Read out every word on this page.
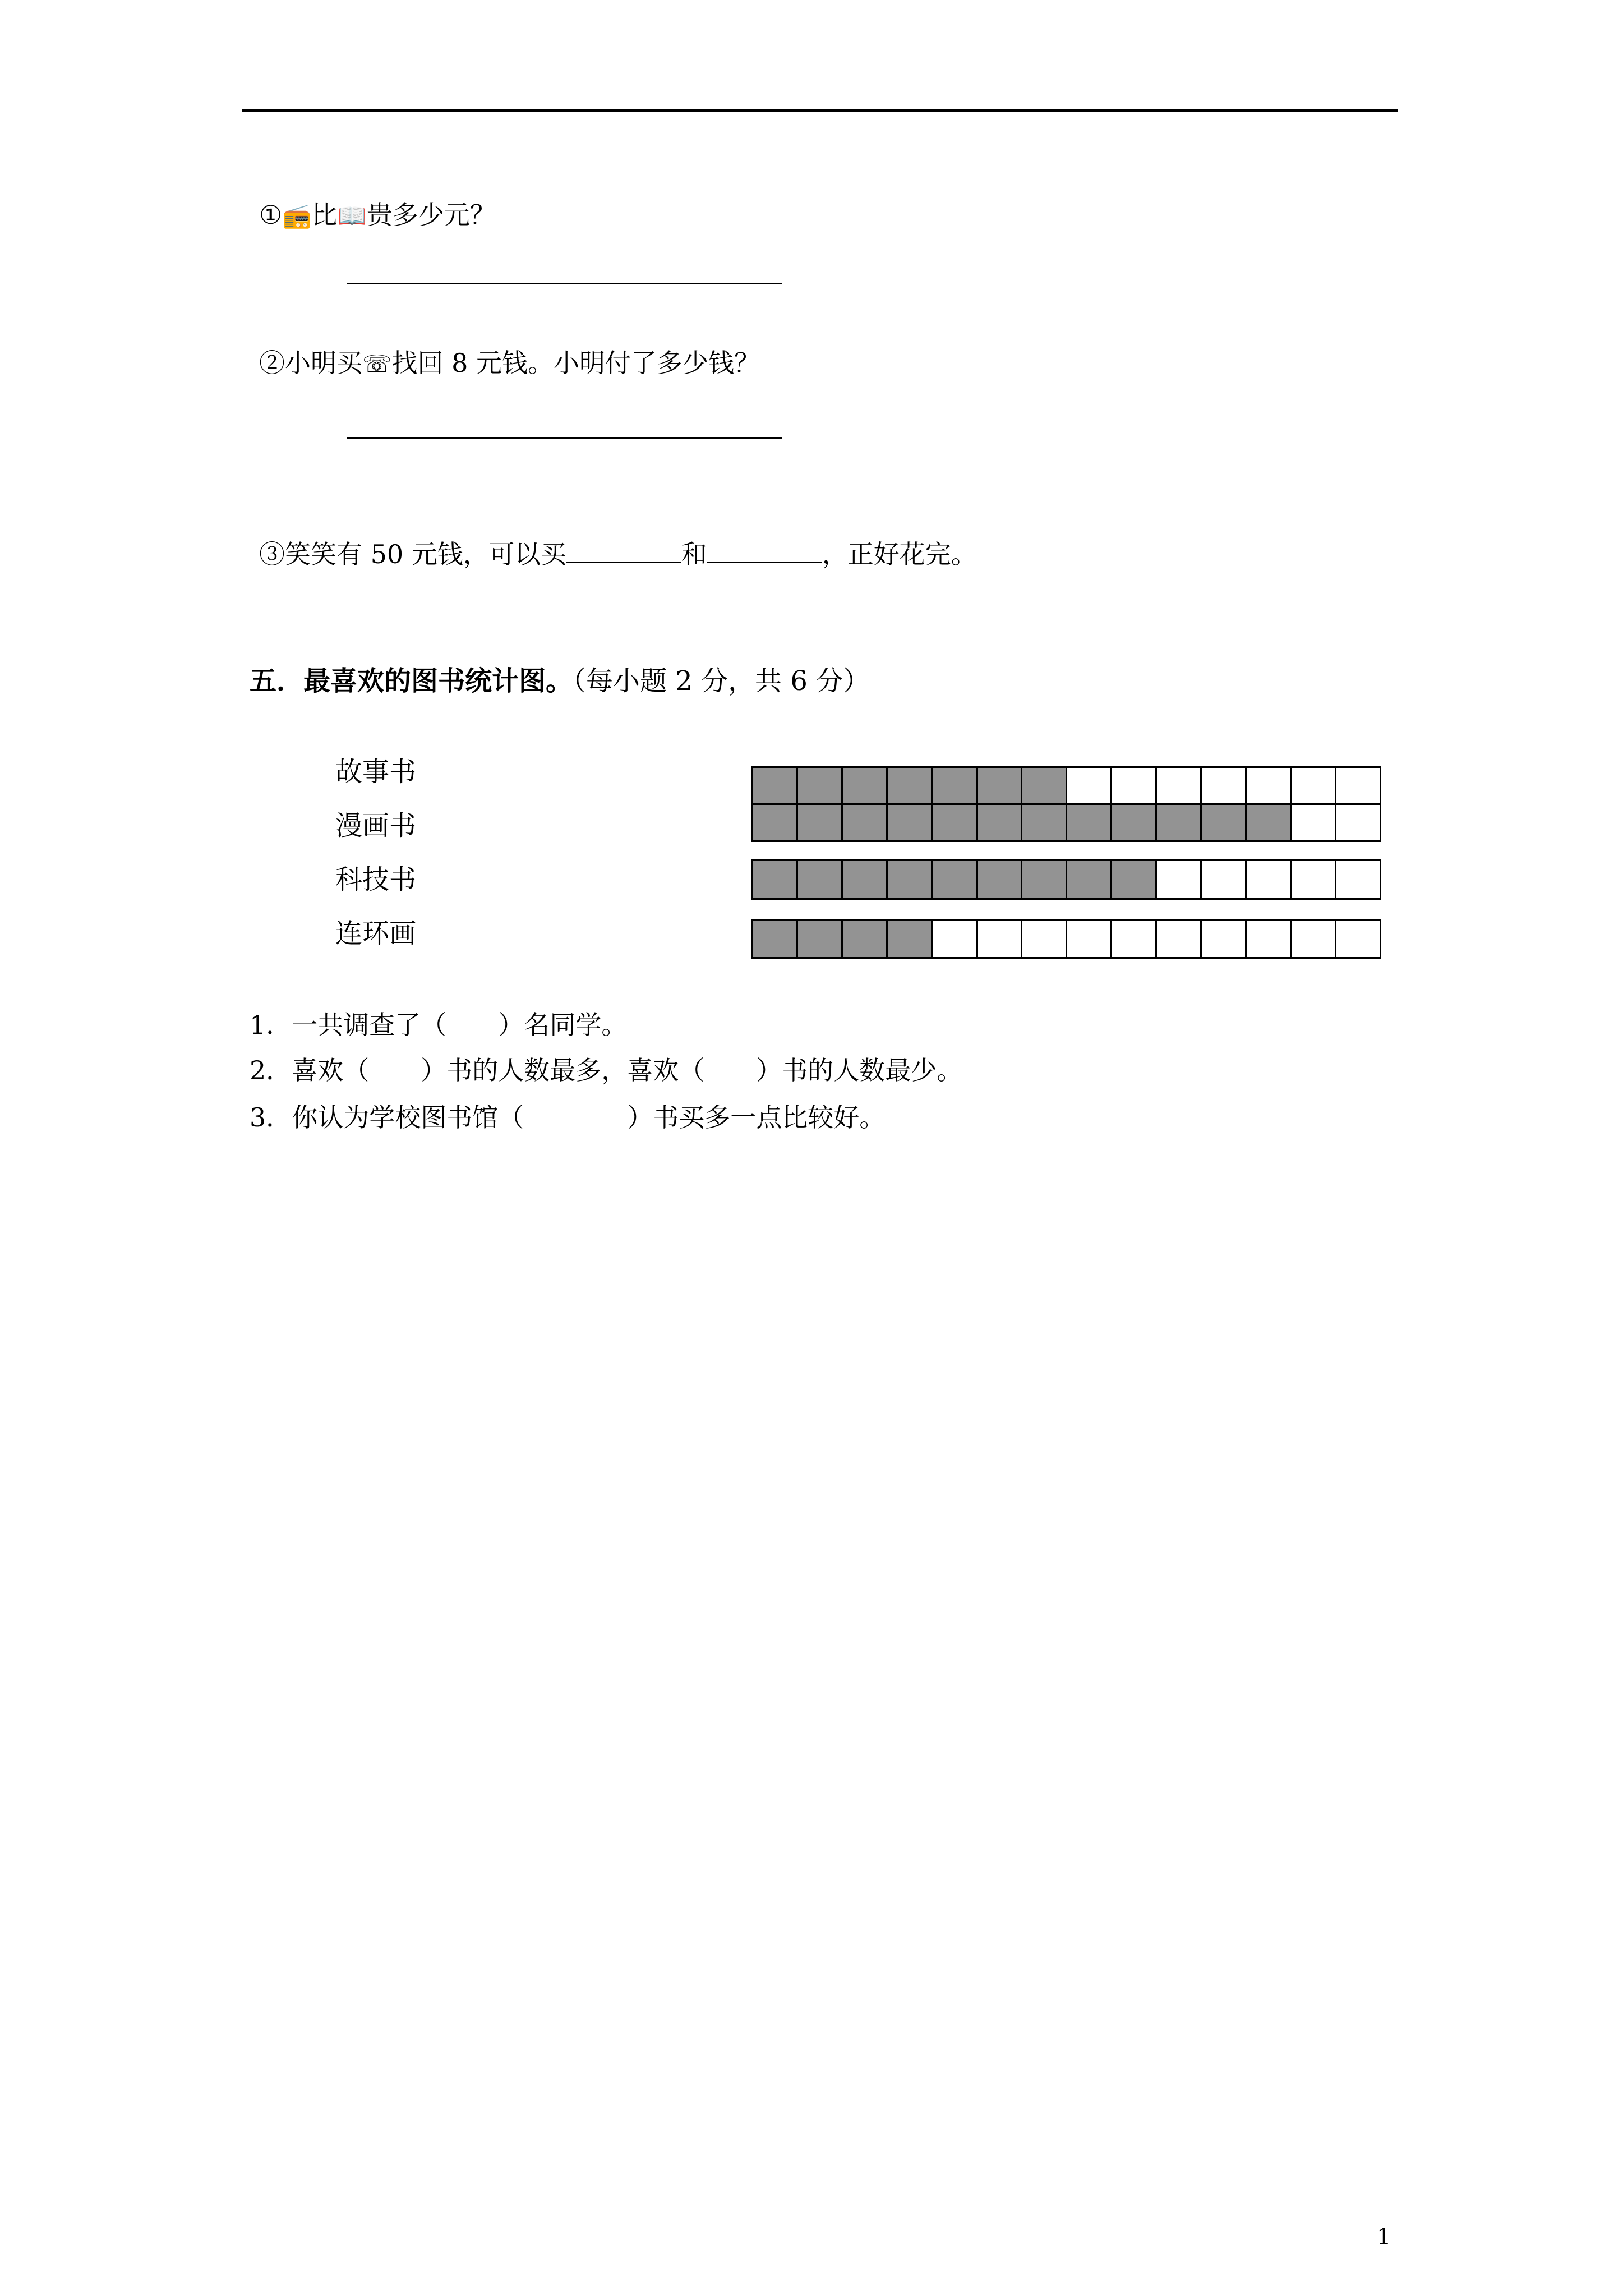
①📻比📖贵多少元？
②小明买☏找回 8 元钱。小明付了多少钱？
③笑笑有 50 元钱，可以买	和	，正好花完。
五．最喜欢的图书统计图。（每小题 2 分，共 6 分）
故事书
漫画书
科技书
连环画
1．一共调查了（　　）名同学。
2．喜欢（　　）书的人数最多，喜欢（　　）书的人数最少。
3．你认为学校图书馆（　　　　）书买多一点比较好。
1
